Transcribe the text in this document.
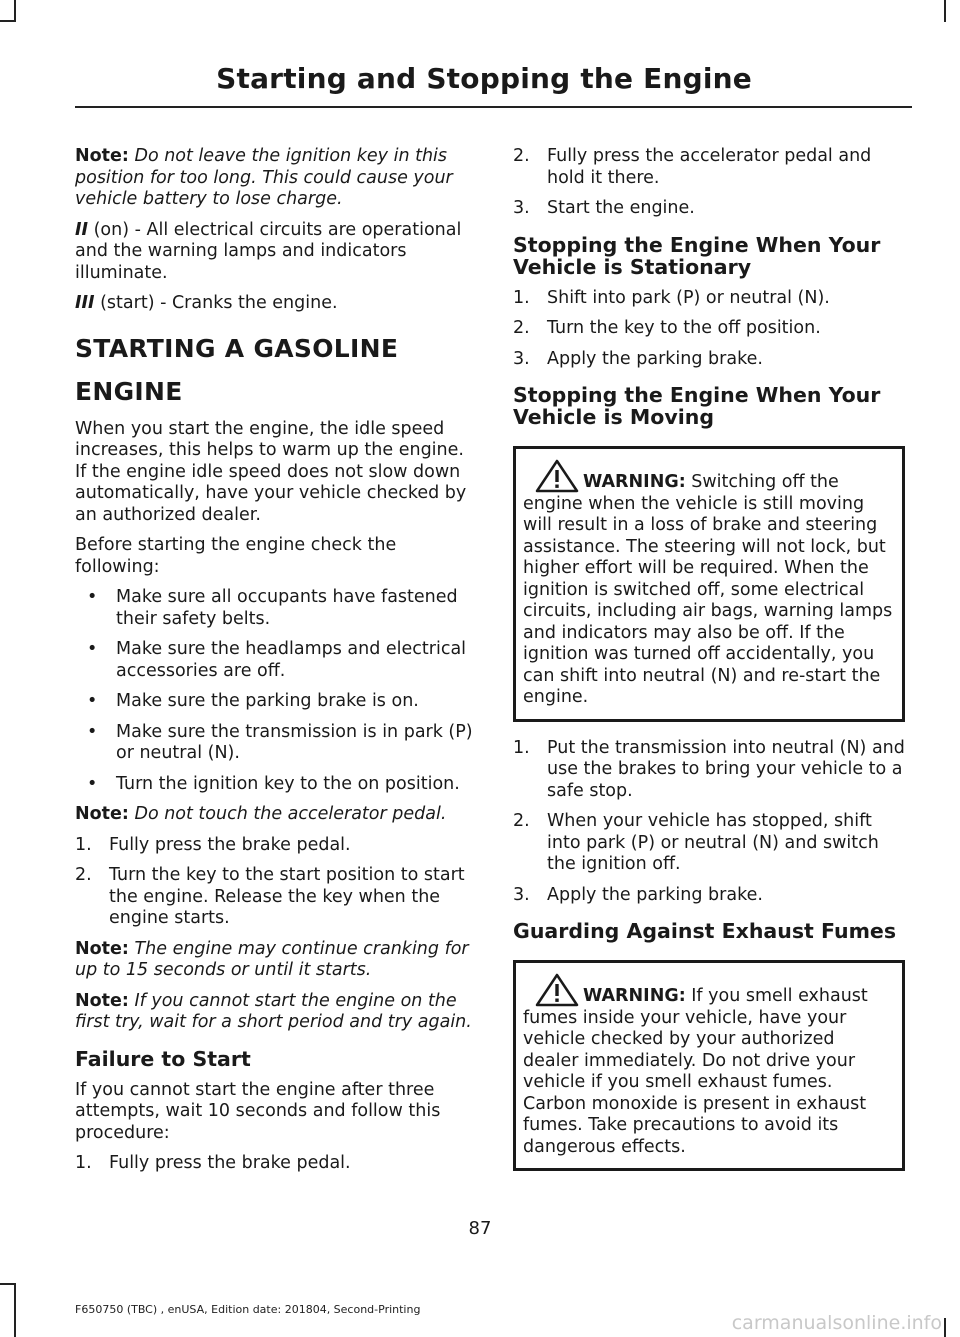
Starting and Stopping the Engine

Note: Do not leave the ignition key in this position for too long. This could cause your vehicle battery to lose charge.

II (on) - All electrical circuits are operational and the warning lamps and indicators illuminate.

III (start) - Cranks the engine.

STARTING A GASOLINE
ENGINE

When you start the engine, the idle speed increases, this helps to warm up the engine. If the engine idle speed does not slow down automatically, have your vehicle checked by an authorized dealer.

Before starting the engine check the following:

• Make sure all occupants have fastened their safety belts.
• Make sure the headlamps and electrical accessories are off.
• Make sure the parking brake is on.
• Make sure the transmission is in park (P) or neutral (N).
• Turn the ignition key to the on position.

Note: Do not touch the accelerator pedal.

1. Fully press the brake pedal.
2. Turn the key to the start position to start the engine. Release the key when the engine starts.

Note: The engine may continue cranking for up to 15 seconds or until it starts.

Note: If you cannot start the engine on the first try, wait for a short period and try again.

Failure to Start

If you cannot start the engine after three attempts, wait 10 seconds and follow this procedure:

1. Fully press the brake pedal.
2. Fully press the accelerator pedal and hold it there.
3. Start the engine.
Stopping the Engine When Your Vehicle is Stationary
1. Shift into park (P) or neutral (N).
2. Turn the key to the off position.
3. Apply the parking brake.
Stopping the Engine When Your Vehicle is Moving
WARNING: Switching off the engine when the vehicle is still moving will result in a loss of brake and steering assistance. The steering will not lock, but higher effort will be required. When the ignition is switched off, some electrical circuits, including air bags, warning lamps and indicators may also be off. If the ignition was turned off accidentally, you can shift into neutral (N) and re-start the engine.
1. Put the transmission into neutral (N) and use the brakes to bring your vehicle to a safe stop.
2. When your vehicle has stopped, shift into park (P) or neutral (N) and switch the ignition off.
3. Apply the parking brake.
Guarding Against Exhaust Fumes
WARNING: If you smell exhaust fumes inside your vehicle, have your vehicle checked by your authorized dealer immediately. Do not drive your vehicle if you smell exhaust fumes. Carbon monoxide is present in exhaust fumes. Take precautions to avoid its dangerous effects.
87
F650750 (TBC) , enUSA, Edition date: 201804, Second-Printing
carmanualsonline.info
